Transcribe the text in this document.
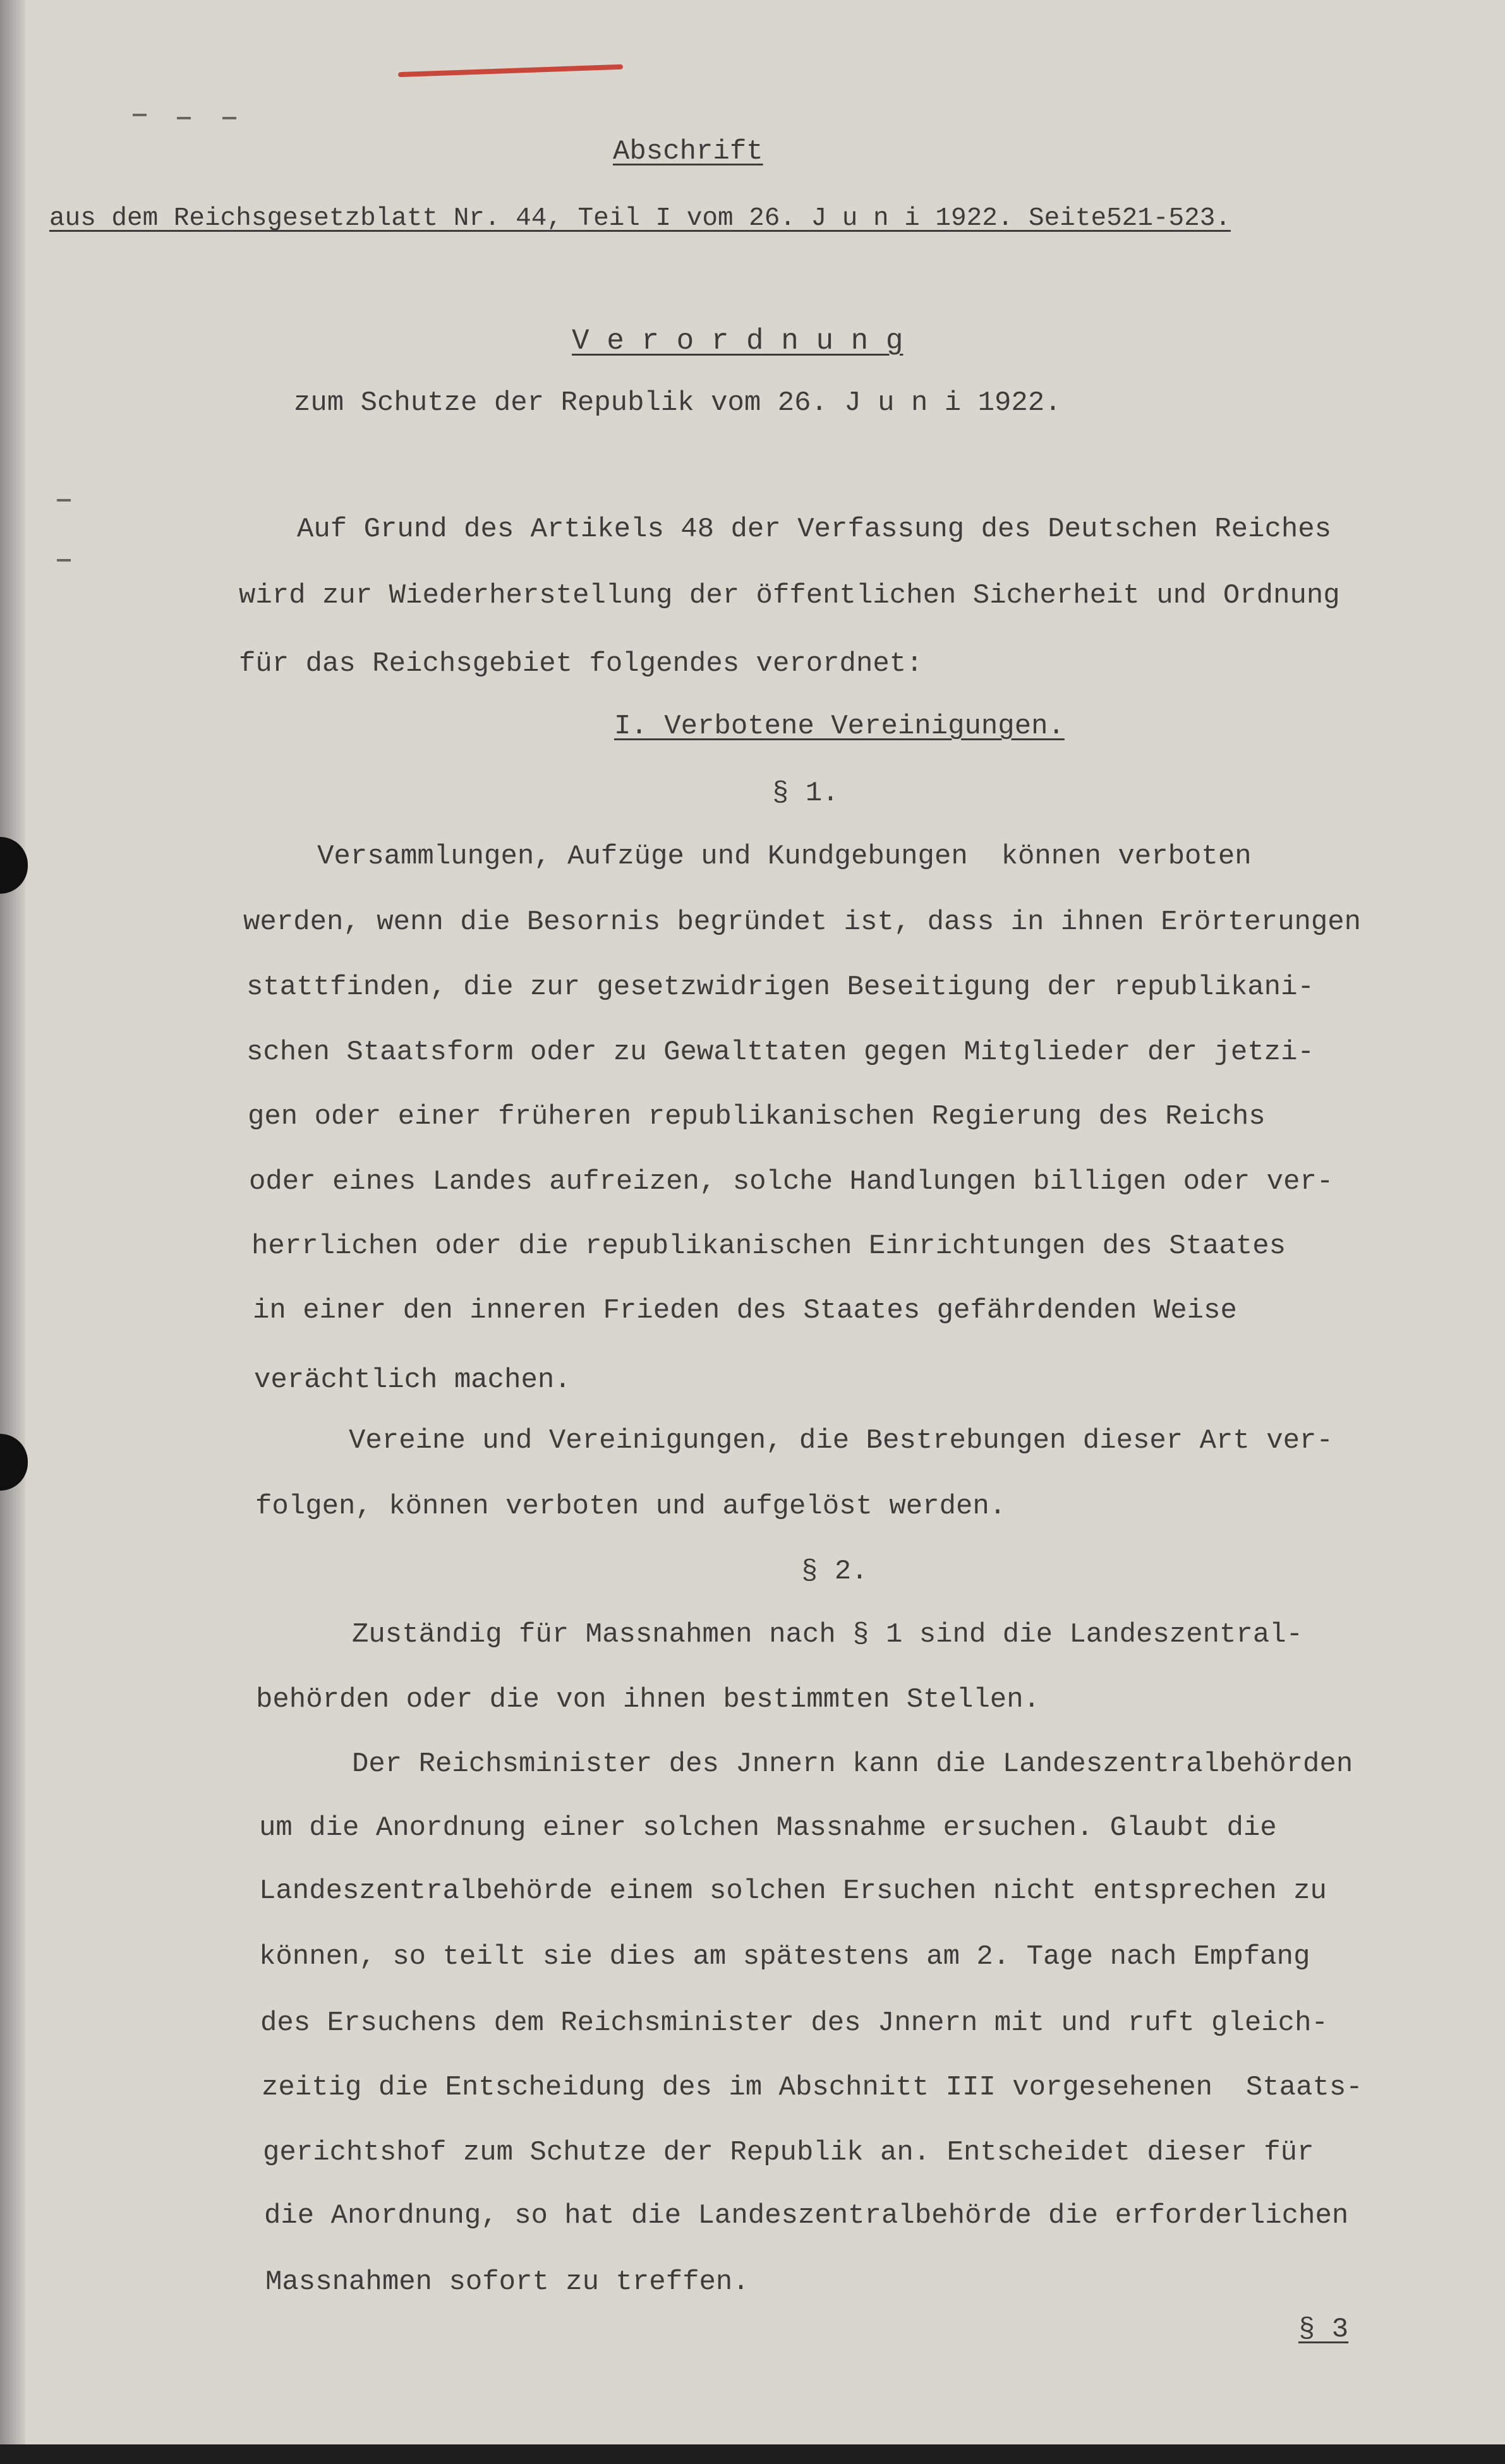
Abschrift

aus dem Reichsgesetzblatt Nr. 44, Teil I vom 26. J u n i 1922. Seite521-523.

V e r o r d n u n g

zum Schutze der Republik vom 26. J u n i 1922.

Auf Grund des Artikels 48 der Verfassung des Deutschen Reiches

wird zur Wiederherstellung der öffentlichen Sicherheit und Ordnung

für das Reichsgebiet folgendes verordnet:

I. Verbotene Vereinigungen.

§ 1.

Versammlungen, Aufzüge und Kundgebungen  können verboten

werden, wenn die Besornis begründet ist, dass in ihnen Erörterungen

stattfinden, die zur gesetzwidrigen Beseitigung der republikani-

schen Staatsform oder zu Gewalttaten gegen Mitglieder der jetzi-

gen oder einer früheren republikanischen Regierung des Reichs

oder eines Landes aufreizen, solche Handlungen billigen oder ver-

herrlichen oder die republikanischen Einrichtungen des Staates

in einer den inneren Frieden des Staates gefährdenden Weise

verächtlich machen.

Vereine und Vereinigungen, die Bestrebungen dieser Art ver-

folgen, können verboten und aufgelöst werden.

§ 2.

Zuständig für Massnahmen nach § 1 sind die Landeszentral-

behörden oder die von ihnen bestimmten Stellen.

Der Reichsminister des Jnnern kann die Landeszentralbehörden

um die Anordnung einer solchen Massnahme ersuchen. Glaubt die

Landeszentralbehörde einem solchen Ersuchen nicht entsprechen zu

können, so teilt sie dies am spätestens am 2. Tage nach Empfang

des Ersuchens dem Reichsminister des Jnnern mit und ruft gleich-

zeitig die Entscheidung des im Abschnitt III vorgesehenen  Staats-

gerichtshof zum Schutze der Republik an. Entscheidet dieser für

die Anordnung, so hat die Landeszentralbehörde die erforderlichen

Massnahmen sofort zu treffen.

§ 3
